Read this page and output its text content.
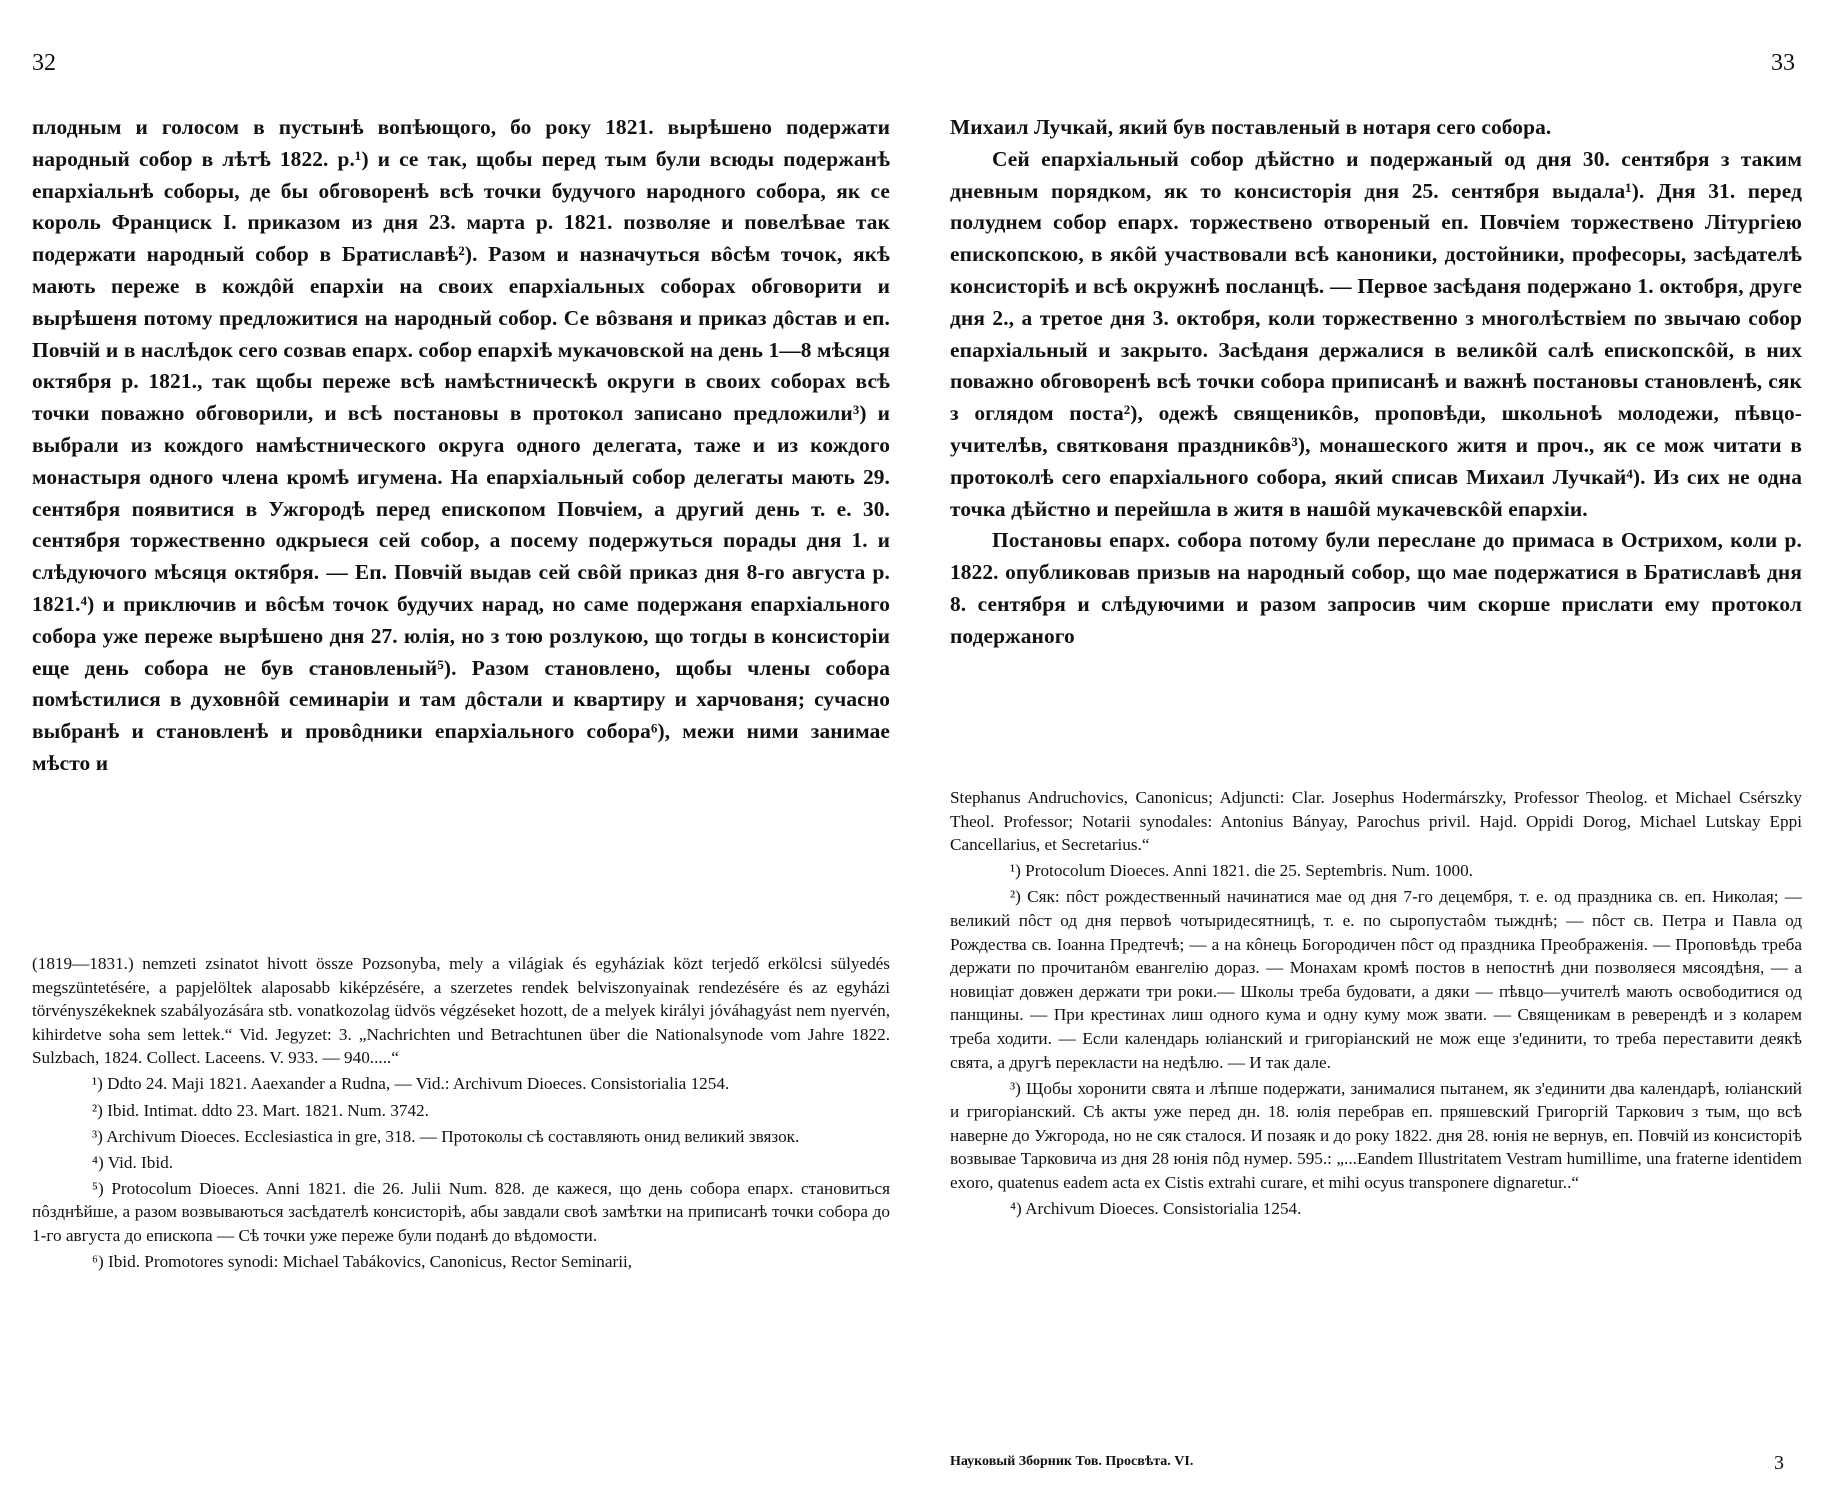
32

плодным и голосом в пустынѣ вопѣющого, бо року 1821. вырѣшено подержати народный собор в лѣтѣ 1822. р.¹) и се так, щобы перед тым були всюды подержанѣ епархіальнѣ соборы, де бы обговоренѣ всѣ точки будучого народного собора, як се король Франциск І. приказом из дня 23. марта р. 1821. позволяе и повелѣвае так подержати народный собор в Братиславѣ²). Разом и назначуться вôсѣм точок, якѣ мають переже в кождôй епархіи на своих епархіальных соборах обговорити и вырѣшеня потому предложитися на народный собор. Се вôзваня и приказ дôстав и еп. Повчій и в наслѣдок сего созвав епарх. собор епархіѣ мукачовской на день 1—8 мѣсяця октября р. 1821., так щобы переже всѣ намѣстническѣ округи в своих соборах всѣ точки поважно обговорили, и всѣ постановы в протокол записано предложили³) и выбрали из кождого намѣстнического округа одного делегата, таже и из кождого монастыря одного члена кромѣ игумена. На епархіальный собор делегаты мають 29. сентября появитися в Ужгородѣ перед епископом Повчіем, а другий день т. е. 30. сентября торжественно одкрыеся сей собор, а посему подержуться порады дня 1. и слѣдуючого мѣсяця октября. — Еп. Повчій выдав сей свôй приказ дня 8-го августа р. 1821.⁴) и приключив и вôсѣм точок будучих нарад, но саме подержаня епархіального собора уже переже вырѣшено дня 27. юлія, но з тою розлукою, що тогды в консисторіи еще день собора не був становленый⁵). Разом становлено, щобы члены собора помѣстилися в духовнôй семинаріи и там дôстали и квартиру и харчованя; сучасно выбранѣ и становленѣ и провôдники епархіального собора⁶), межи ними занимае мѣсто и

(1819—1831.) nemzeti zsinatot hivott össze Pozsonyba, mely a világiak és egyháziak közt terjedő erkölcsi sülyedés megszüntetésére, a papjelöltek alaposabb kiképzésére, a szerzetes rendek belviszonyainak rendezésére és az egyházi törvényszékeknek szabályozására stb. vonatkozolag üdvös végzéseket hozott, de a melyek királyi jóváhagyást nem nyervén, kihirdetve soha sem lettek.“ Vid. Jegyzet: 3. „Nachrichten und Betrachtunen über die Nationalsynode vom Jahre 1822. Sulzbach, 1824. Collect. Laceens. V. 933. — 940.....“

¹) Ddto 24. Maji 1821. Aaexander a Rudna, — Vid.: Archivum Dioeces. Consistorialia 1254.

²) Ibid. Intimat. ddto 23. Mart. 1821. Num. 3742.

³) Archivum Dioeces. Ecclesiastica in gre, 318. — Протоколы сѣ составляють онид великий звязок.

⁴) Vid. Ibid.

⁵) Protocolum Dioeces. Anni 1821. die 26. Julii Num. 828. де кажеся, що день собора епарх. становиться пôзднѣйше, а разом возвываються засѣдателѣ консисторіѣ, абы завдали своѣ замѣтки на приписанѣ точки собора до 1-го августа до епископа — Сѣ точки уже переже були поданѣ до вѣдомости.

⁶) Ibid. Promotores synodi: Michael Tabákovics, Canonicus, Rector Seminarii,

33

Михаил Лучкай, який був поставленый в нотаря сего собора.

Сей епархіальный собор дѣйстно и подержаный од дня 30. сентября з таким дневным порядком, як то консисторія дня 25. сентября выдала¹). Дня 31. перед полуднем собор епарх. торжествено отвореный еп. Повчіем торжествено Літургіею епископскою, в якôй участвовали всѣ каноники, достойники, професоры, засѣдателѣ консисторіѣ и всѣ окружнѣ посланцѣ. — Первое засѣданя подержано 1. октобря, друге дня 2., а третое дня 3. октобря, коли торжественно з многолѣствіем по звычаю собор епархіальный и закрыто. Засѣданя держалися в великôй салѣ епископскôй, в них поважно обговоренѣ всѣ точки собора приписанѣ и важнѣ постановы становленѣ, сяк з оглядом поста²), одежѣ священикôв, проповѣди, школьноѣ молодежи, пѣвцо-учителѣв, святкованя праздникôв³), монашеского житя и проч., як се мож читати в протоколѣ сего епархіального собора, який списав Михаил Лучкай⁴). Из сих не одна точка дѣйстно и перейшла в житя в нашôй мукачевскôй епархіи.

Постановы епарх. собора потому були переслане до примаса в Острихом, коли р. 1822. опубликовав призыв на народный собор, що мае подержатися в Братиславѣ дня 8. сентября и слѣдуючими и разом запросив чим скорше прислати ему протокол подержаного

Stephanus Andruchovics, Canonicus; Adjuncti: Clar. Josephus Hodermárszky, Professor Theolog. et Michael Csérszky Theol. Professor; Notarii synodales: Antonius Bányay, Parochus privil. Hajd. Oppidi Dorog, Michael Lutskay Eppi Cancellarius, et Secretarius.“

¹) Protocolum Dioeces. Anni 1821. die 25. Septembris. Num. 1000.

²) Сяк: пôст рождественный начинатися мае од дня 7-го децембря, т. е. од праздника св. еп. Николая; — великий пôст од дня первоѣ чотыридесятницѣ, т. е. по сыропустаôм тыжднѣ; — пôст св. Петра и Павла од Рождества св. Іоанна Предтечѣ; — а на кôнець Богородичен пôст од праздника Преображенія. — Проповѣдь треба держати по прочитанôм евангелію дораз. — Монахам кромѣ постов в непостнѣ дни позволяеся мясоядѣня, — а новиціат довжен держати три роки.— Школы треба будовати, а дяки — пѣвцо—учителѣ мають освободитися од панщины. — При крестинах лиш одного кума и одну куму мож звати. — Священикам в реверендѣ и з коларем треба ходити. — Если календарь юліанский и григоріанский не мож еще з'единити, то треба переставити деякѣ свята, а другѣ перекласти на недѣлю. — И так дале.

³) Щобы хоронити свята и лѣпше подержати, занималися пытанем, як з'единити два календарѣ, юліанский и григоріанский. Сѣ акты уже перед дн. 18. юлія перебрав еп. пряшевский Григоргій Таркович з тым, що всѣ наверне до Ужгорода, но не сяк сталося. И позаяк и до року 1822. дня 28. юнія не вернув, еп. Повчій из консисторіѣ возвывае Тарковича из дня 28 юнія пôд нумер. 595.: „...Eandem Illustritatem Vestram humillime, una fraterne identidem exoro, quatenus eadem acta ex Cistis extrahi curare, et mihi ocyus transponere dignaretur..“

⁴) Archivum Dioeces. Consistorialia 1254.

Науковый Зборник Тов. Просвѣта. VI.	3
